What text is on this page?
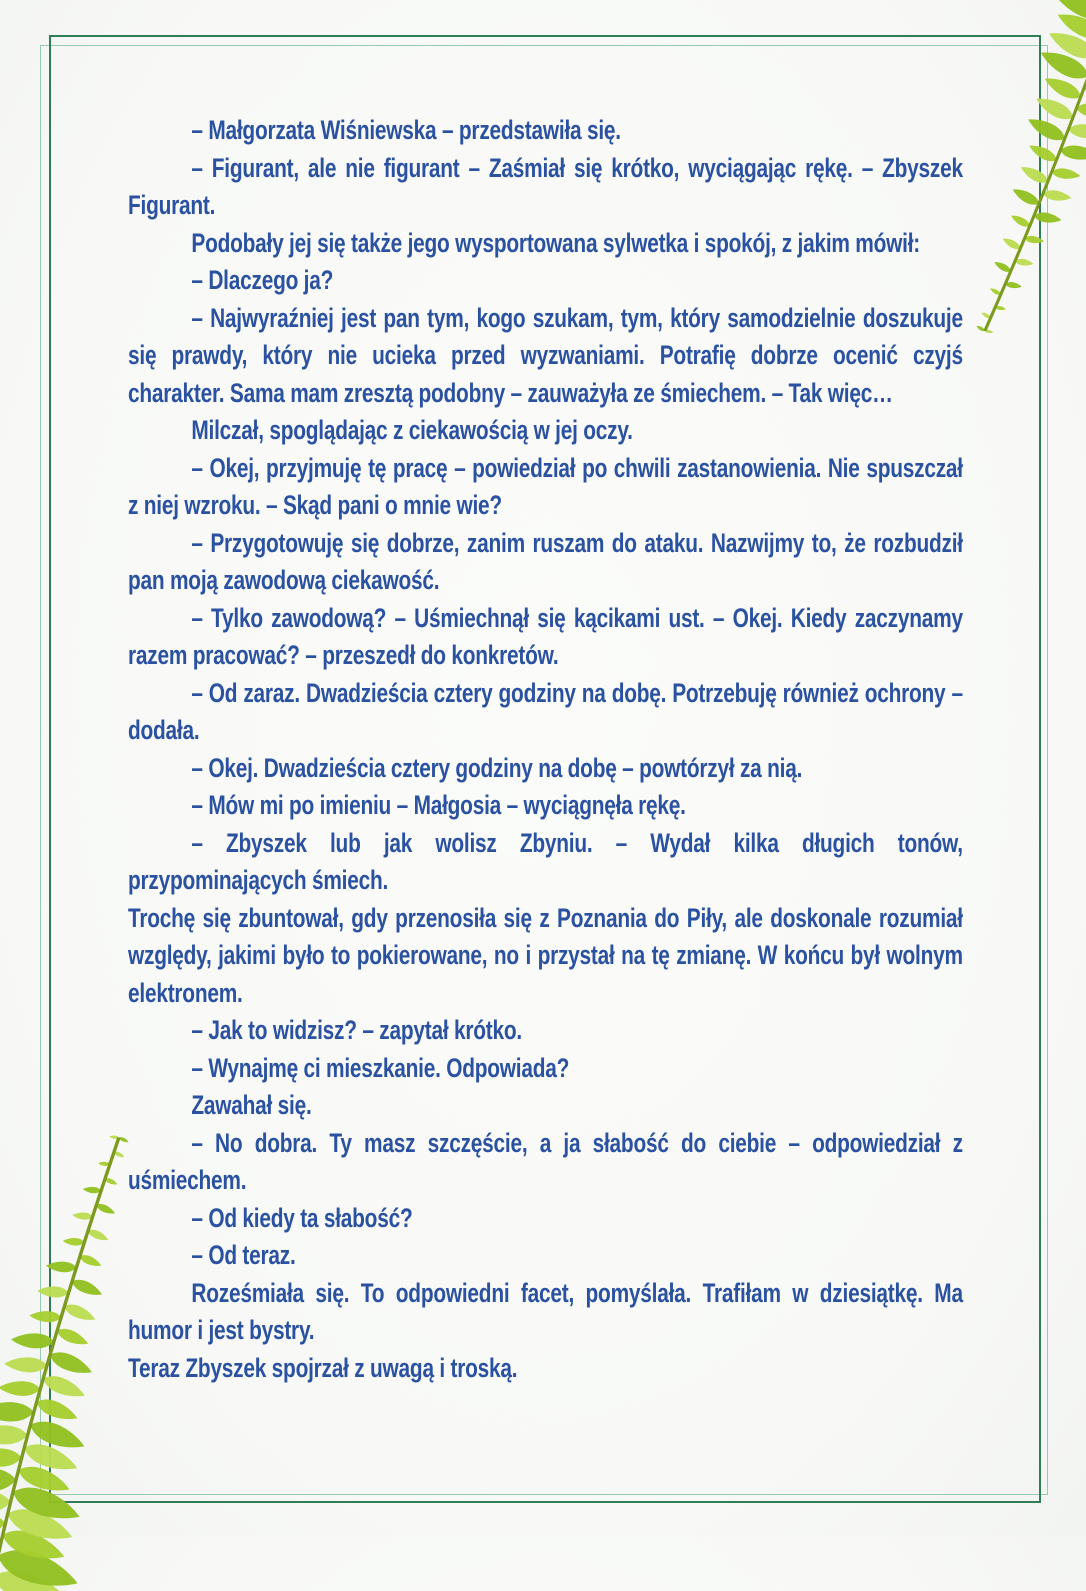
– Małgorzata Wiśniewska – przedstawiła się.

– Figurant, ale nie figurant – Zaśmiał się krótko, wyciągając rękę. – Zbyszek Figurant.

Podobały jej się także jego wysportowana sylwetka i spokój, z jakim mówił:

– Dlaczego ja?

– Najwyraźniej jest pan tym, kogo szukam, tym, który samodzielnie doszukuje się prawdy, który nie ucieka przed wyzwaniami. Potrafię dobrze ocenić czyjś charakter. Sama mam zresztą podobny – zauważyła ze śmiechem. – Tak więc…

Milczał, spoglądając z ciekawością w jej oczy.

– Okej, przyjmuję tę pracę – powiedział po chwili zastanowienia. Nie spuszczał z niej wzroku. – Skąd pani o mnie wie?

– Przygotowuję się dobrze, zanim ruszam do ataku. Nazwijmy to, że rozbudził pan moją zawodową ciekawość.

– Tylko zawodową? – Uśmiechnął się kącikami ust. – Okej. Kiedy zaczynamy razem pracować? – przeszedł do konkretów.

– Od zaraz. Dwadzieścia cztery godziny na dobę. Potrzebuję również ochrony – dodała.

– Okej. Dwadzieścia cztery godziny na dobę – powtórzył za nią.

– Mów mi po imieniu – Małgosia – wyciągnęła rękę.

– Zbyszek lub jak wolisz Zbyniu. – Wydał kilka długich tonów, przypominających śmiech.

Trochę się zbuntował, gdy przenosiła się z Poznania do Piły, ale doskonale rozumiał względy, jakimi było to pokierowane, no i przystał na tę zmianę. W końcu był wolnym elektronem.

– Jak to widzisz? – zapytał krótko.

– Wynajmę ci mieszkanie. Odpowiada?

Zawahał się.

– No dobra. Ty masz szczęście, a ja słabość do ciebie – odpowiedział z uśmiechem.

– Od kiedy ta słabość?

– Od teraz.

Roześmiała się. To odpowiedni facet, pomyślała. Trafiłam w dziesiątkę. Ma humor i jest bystry.

Teraz Zbyszek spojrzał z uwagą i troską.
